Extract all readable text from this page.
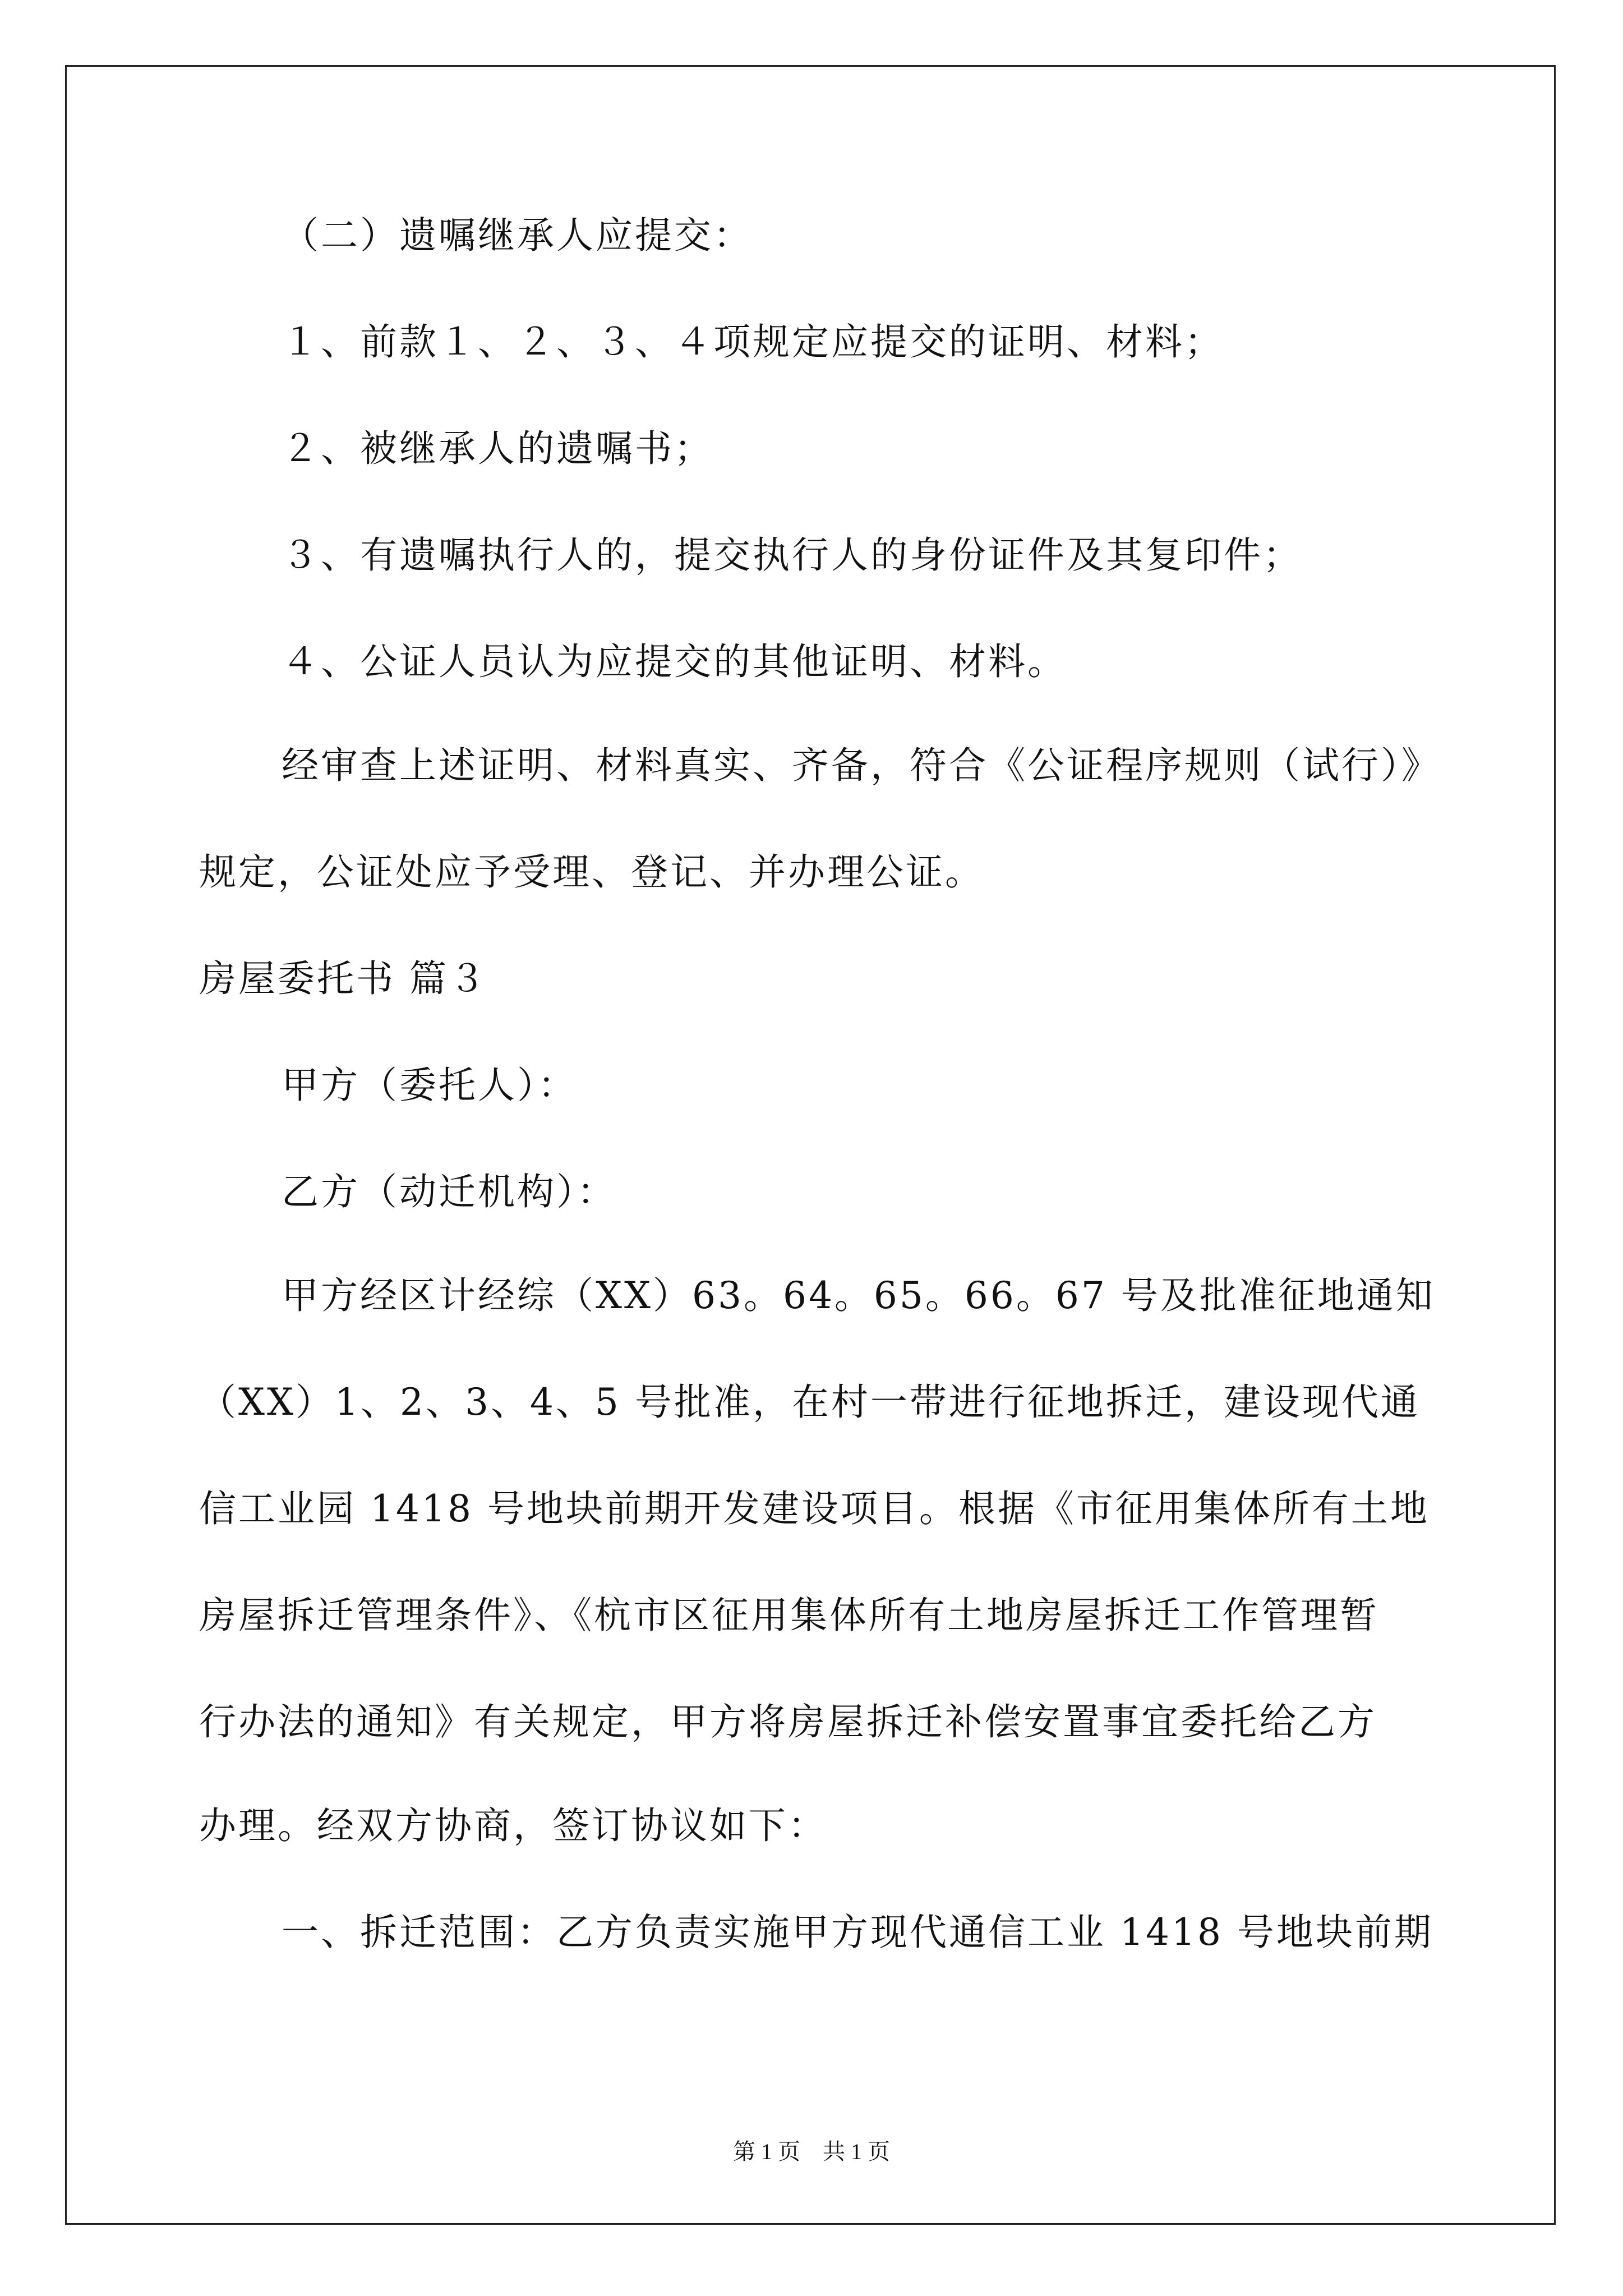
（二）遗嘱继承人应提交：
１、前款１、２、３、４项规定应提交的证明、材料；
２、被继承人的遗嘱书；
３、有遗嘱执行人的，提交执行人的身份证件及其复印件；
４、公证人员认为应提交的其他证明、材料。
经审查上述证明、材料真实、齐备，符合《公证程序规则（试行）》
规定，公证处应予受理、登记、并办理公证。
房屋委托书 篇３
甲方（委托人）：
乙方（动迁机构）：
甲方经区计经综（XX）63。64。65。66。67 号及批准征地通知
（XX）1、2、3、4、5 号批准，在村一带进行征地拆迁，建设现代通
信工业园 1418 号地块前期开发建设项目。根据《市征用集体所有土地
房屋拆迁管理条件》、《杭市区征用集体所有土地房屋拆迁工作管理暂
行办法的通知》有关规定，甲方将房屋拆迁补偿安置事宜委托给乙方
办理。经双方协商，签订协议如下：
一、拆迁范围：乙方负责实施甲方现代通信工业 1418 号地块前期
第 1 页　共 1 页
